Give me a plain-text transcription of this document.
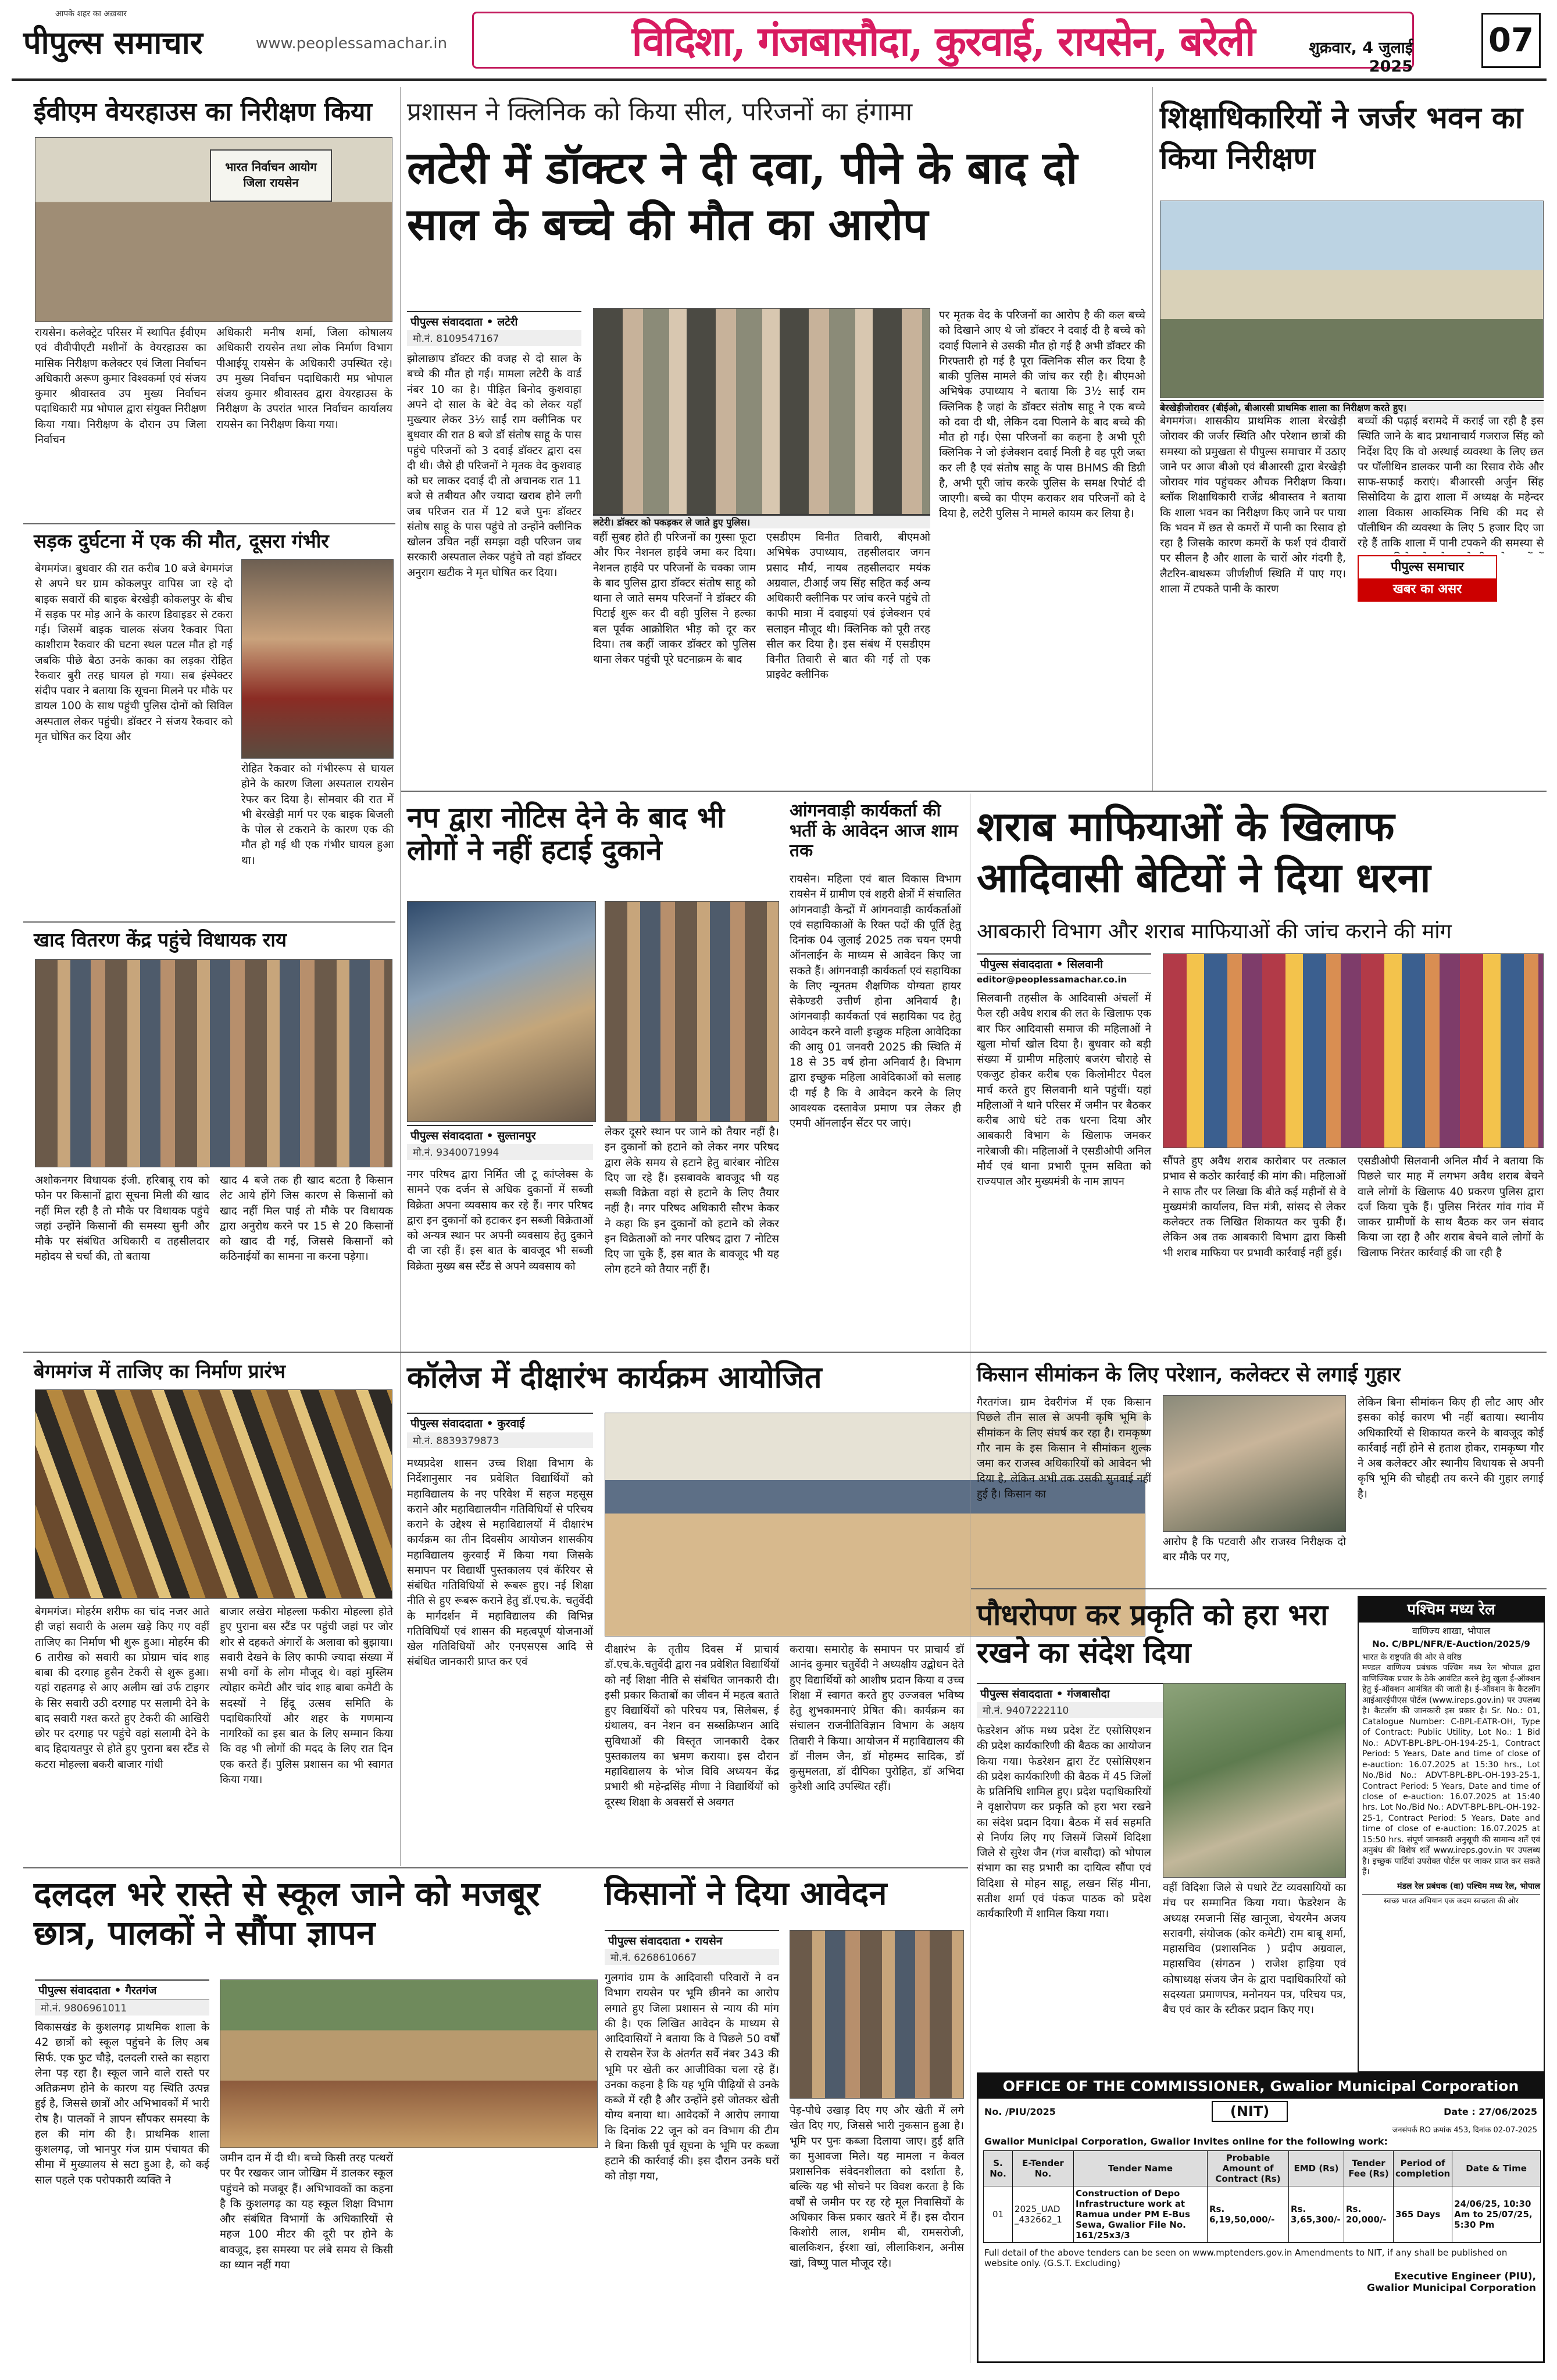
आपके शहर का अख़बार
पीपुल्स समाचार	www.peoplessamachar.in	विदिशा, गंजबासौदा, कुरवाई, रायसेन, बरेली	शुक्रवार, 4 जुलाई 2025
07
ईवीएम वेयरहाउस का निरीक्षण किया
भारत निर्वाचन आयोग
जिला रायसेन
रायसेन। कलेक्ट्रेट परिसर में स्थापित ईवीएम एवं वीवीपीएटी मशीनों के वेयरहाउस का मासिक निरीक्षण कलेक्टर एवं जिला निर्वाचन अधिकारी अरूण कुमार विश्वकर्मा एवं संजय कुमार श्रीवास्तव उप मुख्य निर्वाचन पदाधिकारी मप्र भोपाल द्वारा संयुक्त निरीक्षण किया गया। निरीक्षण के दौरान उप जिला निर्वाचन
अधिकारी मनीष शर्मा, जिला कोषालय अधिकारी रायसेन तथा लोक निर्माण विभाग पीआईयू रायसेन के अधिकारी उपस्थित रहे। उप मुख्य निर्वाचन पदाधिकारी मप्र भोपाल संजय कुमार श्रीवास्तव द्वारा वेयरहाउस के निरीक्षण के उपरांत भारत निर्वाचन कार्यालय रायसेन का निरीक्षण किया गया।
सड़क दुर्घटना में एक की मौत, दूसरा गंभीर
बेगमगंज। बुधवार की रात करीब 10 बजे बेगमगंज से अपने घर ग्राम कोकलपुर वापिस जा रहे दो बाइक सवारों की बाइक बेरखेड़ी कोकलपुर के बीच में सड़क पर मोड़ आने के कारण डिवाइडर से टकरा गई। जिसमें बाइक चालक संजय रैकवार पिता काशीराम रैकवार की घटना स्थल पटल मौत हो गई जबकि पीछे बैठा उनके काका का लड़का रोहित रैकवार बुरी तरह घायल हो गया। सब इंस्पेक्टर संदीप पवार ने बताया कि सूचना मिलने पर मौके पर डायल 100 के साथ पहुंची पुलिस दोनों को सिविल अस्पताल लेकर पहुंची। डॉक्टर ने संजय रैकवार को मृत घोषित कर दिया और
रोहित रैकवार को गंभीररूप से घायल होने के कारण जिला अस्पताल रायसेन रेफर कर दिया है। सोमवार की रात में भी बेरखेड़ी मार्ग पर एक बाइक बिजली के पोल से टकराने के कारण एक की मौत हो गई थी एक गंभीर घायल हुआ था।
खाद वितरण केंद्र पहुंचे विधायक राय
अशोकनगर विधायक इंजी. हरिबाबू राय को फोन पर किसानों द्वारा सूचना मिली की खाद नहीं मिल रही है तो मौके पर विधायक पहुंचे जहां उन्होंने किसानों की समस्या सुनी और मौके पर संबंधित अधिकारी व तहसीलदार महोदय से चर्चा की, तो बताया
खाद 4 बजे तक ही खाद बटता है किसान लेट आये होंगे जिस कारण से किसानों को खाद नहीं मिल पाई तो मौके पर विधायक द्वारा अनुरोध करने पर 15 से 20 किसानों को खाद दी गई, जिससे किसानों को कठिनाईयों का सामना ना करना पड़ेगा।
बेगमगंज में ताजिए का निर्माण प्रारंभ
बेगमगंज। मोहर्रम शरीफ का चांद नजर आते ही जहां सवारी के अलम खड़े किए गए वहीं ताजिए का निर्माण भी शुरू हुआ। मोहर्रम की 6 तारीख को सवारी का प्रोग्राम चांद शाह बाबा की दरगाह हुसैन टेकरी से शुरू हुआ। यहां राहतगढ़ से आए अलीम खां उर्फ टाइगर के सिर सवारी उठी दरगाह पर सलामी देने के बाद सवारी गश्त करते हुए टेकरी की आखिरी छोर पर दरगाह पर पहुंचे वहां सलामी देने के बाद हिदायतपुर से होते हुए पुराना बस स्टैंड से कटरा मोहल्ला बकरी बाजार गांधी
बाजार लखेरा मोहल्ला फकीरा मोहल्ला होते हुए पुराना बस स्टैंड पर पहुंची जहां पर जोर शोर से दहकते अंगारों के अलावा को बुझाया। सवारी देखने के लिए काफी ज्यादा संख्या में सभी वर्गों के लोग मौजूद थे। वहां मुस्लिम त्योहार कमेटी और चांद शाह बाबा कमेटी के सदस्यों ने हिंदू उत्सव समिति के पदाधिकारियों और शहर के गणमान्य नागरिकों का इस बात के लिए सम्मान किया कि वह भी लोगों की मदद के लिए रात दिन एक करते हैं। पुलिस प्रशासन का भी स्वागत किया गया।
दलदल भरे रास्ते से स्कूल जाने को मजबूर छात्र, पालकों ने सौंपा ज्ञापन
पीपुल्स संवाददाता • गैरतगंज
मो.नं. 9806961011
विकासखंड के कुशलगढ़ प्राथमिक शाला के 42 छात्रों को स्कूल पहुंचने के लिए अब सिर्फ. एक फुट चौड़े, दलदली रास्ते का सहारा लेना पड़ रहा है। स्कूल जाने वाले रास्ते पर अतिक्रमण होने के कारण यह स्थिति उत्पन्न हुई है, जिससे छात्रों और अभिभावकों में भारी रोष है। पालकों ने ज्ञापन सौंपकर समस्या के हल की मांग की है। प्राथमिक शाला कुशलगढ़, जो भानपुर गंज ग्राम पंचायत की सीमा में मुख्यालय से सटा हुआ है, को कई साल पहले एक परोपकारी व्यक्ति ने
जमीन दान में दी थी। बच्चे किसी तरह पत्थरों पर पैर रखकर जान जोखिम में डालकर स्कूल पहुंचने को मजबूर हैं। अभिभावकों का कहना है कि कुशलगढ़ का यह स्कूल शिक्षा विभाग और संबंधित विभागों के अधिकारियों से महज 100 मीटर की दूरी पर होने के बावजूद, इस समस्या पर लंबे समय से किसी का ध्यान नहीं गया
प्रशासन ने क्लिनिक को किया सील, परिजनों का हंगामा
लटेरी में डॉक्टर ने दी दवा, पीने के बाद दो साल के बच्चे की मौत का आरोप
पीपुल्स संवाददाता • लटेरी
मो.नं. 8109547167
लटेरी। डॉक्टर को पकड़कर ले जाते हुए पुलिस।
झोलाछाप डॉक्टर की वजह से दो साल के बच्चे की मौत हो गई। मामला लटेरी के वार्ड नंबर 10 का है। पीड़ित बिनोद कुशवाहा अपने दो साल के बेटे वेद को लेकर यहाँ मुख्त्यार लेकर 3½ साईं राम क्लीनिक पर बुधवार की रात 8 बजे डॉ संतोष साहू के पास पहुंचे परिजनों को 3 दवाई डॉक्टर द्वारा दस दी थी। जैसे ही परिजनों ने मृतक वेद कुशवाह को घर लाकर दवाई दी तो अचानक रात 11 बजे से तबीयत और ज्यादा खराब होने लगी जब परिजन रात में 12 बजे पुनः डॉक्टर संतोष साहू के पास पहुंचे तो उन्होंने क्लीनिक खोलन उचित नहीं समझा वही परिजन जब सरकारी अस्पताल लेकर पहुंचे तो वहां डॉक्टर अनुराग खटीक ने मृत घोषित कर दिया।
वहीं सुबह होते ही परिजनों का गुस्सा फूटा और फिर नेशनल हाईवे जमा कर दिया। नेशनल हाईवे पर परिजनों के चक्का जाम के बाद पुलिस द्वारा डॉक्टर संतोष साहू को थाना ले जाते समय परिजनों ने डॉक्टर की पिटाई शुरू कर दी वही पुलिस ने हल्का बल पूर्वक आक्रोशित भीड़ को दूर कर दिया। तब कहीं जाकर डॉक्टर को पुलिस थाना लेकर पहुंची पूरे घटनाक्रम के बाद
एसडीएम विनीत तिवारी, बीएमओ अभिषेक उपाध्याय, तहसीलदार जगन प्रसाद मौर्य, नायब तहसीलदार मयंक अग्रवाल, टीआई जय सिंह सहित कई अन्य अधिकारी क्लीनिक पर जांच करने पहुंचे तो काफी मात्रा में दवाइयां एवं इंजेक्शन एवं सलाइन मौजूद थी। क्लिनिक को पूरी तरह सील कर दिया है। इस संबंध में एसडीएम विनीत तिवारी से बात की गई तो एक प्राइवेट क्लीनिक
पर मृतक वेद के परिजनों का आरोप है की कल बच्चे को दिखाने आए थे जो डॉक्टर ने दवाई दी है बच्चे को दवाई पिलाने से उसकी मौत हो गई है अभी डॉक्टर की गिरफ्तारी हो गई है पूरा क्लिनिक सील कर दिया है बाकी पुलिस मामले की जांच कर रही है। बीएमओ अभिषेक उपाध्याय ने बताया कि 3½ साईं राम क्लिनिक है जहां के डॉक्टर संतोष साहू ने एक बच्चे को दवा दी थी, लेकिन दवा पिलाने के बाद बच्चे की मौत हो गई। ऐसा परिजनों का कहना है अभी पूरी क्लिनिक ने जो इंजेक्शन दवाई मिली है वह पूरी जब्त कर ली है एवं संतोष साहू के पास BHMS की डिग्री है, अभी पूरी जांच करके पुलिस के समक्ष रिपोर्ट दी जाएगी। बच्चे का पीएम कराकर शव परिजनों को दे दिया है, लटेरी पुलिस ने मामले कायम कर लिया है।
नप द्वारा नोटिस देने के बाद भी लोगों ने नहीं हटाई दुकाने
पीपुल्स संवाददाता • सुल्तानपुर
मो.नं. 9340071994
नगर परिषद द्वारा निर्मित जी टू कांप्लेक्स के सामने एक दर्जन से अधिक दुकानों में सब्जी विक्रेता अपना व्यवसाय कर रहे हैं। नगर परिषद द्वारा इन दुकानों को हटाकर इन सब्जी विक्रेताओं को अन्यत्र स्थान पर अपनी व्यवसाय हेतु दुकाने दी जा रही हैं। इस बात के बावजूद भी सब्जी विक्रेता मुख्य बस स्टैंड से अपने व्यवसाय को
लेकर दूसरे स्थान पर जाने को तैयार नहीं है। इन दुकानों को हटाने को लेकर नगर परिषद द्वारा लेके समय से हटाने हेतु बारंबार नोटिस दिए जा रहे हैं। इसबावके बावजूद भी यह सब्जी विक्रेता वहां से हटाने के लिए तैयार नहीं है। नगर परिषद अधिकारी सौरभ केकर ने कहा कि इन दुकानों को हटाने को लेकर इन विक्रेताओं को नगर परिषद द्वारा 7 नोटिस दिए जा चुके हैं, इस बात के बावजूद भी यह लोग हटने को तैयार नहीं हैं।
आंगनवाड़ी कार्यकर्ता की भर्ती के आवेदन आज शाम तक
रायसेन। महिला एवं बाल विकास विभाग रायसेन में ग्रामीण एवं शहरी क्षेत्रों में संचालित आंगनवाड़ी केन्द्रों में आंगनवाड़ी कार्यकर्ताओं एवं सहायिकाओं के रिक्त पदों की पूर्ति हेतु दिनांक 04 जुलाई 2025 तक चयन एमपी ऑनलाईन के माध्यम से आवेदन किए जा सकते हैं। आंगनवाड़ी कार्यकर्ता एवं सहायिका के लिए न्यूनतम शैक्षणिक योग्यता हायर सेकेण्डरी उत्तीर्ण होना अनिवार्य है। आंगनवाड़ी कार्यकर्ता एवं सहायिका पद हेतु आवेदन करने वाली इच्छुक महिला आवेदिका की आयु 01 जनवरी 2025 की स्थिति में 18 से 35 वर्ष होना अनिवार्य है। विभाग द्वारा इच्छुक महिला आवेदिकाओं को सलाह दी गई है कि वे आवेदन करने के लिए आवश्यक दस्तावेज प्रमाण पत्र लेकर ही एमपी ऑनलाईन सेंटर पर जाएं।
कॉलेज में दीक्षारंभ कार्यक्रम आयोजित
पीपुल्स संवाददाता • कुरवाई
मो.नं. 8839379873
मध्यप्रदेश शासन उच्च शिक्षा विभाग के निर्देशानुसार नव प्रवेशित विद्यार्थियों को महाविद्यालय के नए परिवेश में सहज महसूस कराने और महाविद्यालयीन गतिविधियों से परिचय कराने के उद्देश्य से महाविद्यालयों में दीक्षारंभ कार्यक्रम का तीन दिवसीय आयोजन शासकीय महाविद्यालय कुरवाई में किया गया जिसके समापन पर विद्यार्थी पुस्तकालय एवं कॅरियर से संबंधित गतिविधियों से रूबरू हुए। नई शिक्षा नीति से हुए रूबरू कराने हेतु डॉ.एच.के. चतुर्वेदी के मार्गदर्शन में महाविद्यालय की विभिन्न गतिविधियों एवं शासन की महत्वपूर्ण योजनाओं खेल गतिविधियों और एनएसएस आदि से संबंधित जानकारी प्राप्त कर एवं
दीक्षारंभ के तृतीय दिवस में प्राचार्य डॉ.एच.के.चतुर्वेदी द्वारा नव प्रवेशित विद्यार्थियों को नई शिक्षा नीति से संबंधित जानकारी दी। इसी प्रकार किताबों का जीवन में महत्व बताते हुए विद्यार्थियों को परिचय पत्र, सिलेबस, ई ग्रंथालय, वन नेशन वन सब्सक्रिप्शन आदि सुविधाओं की विस्तृत जानकारी देकर पुस्तकालय का भ्रमण कराया। इस दौरान महाविद्यालय के भोज विवि अध्ययन केंद्र प्रभारी श्री महेन्द्रसिंह मीणा ने विद्यार्थियों को दूरस्थ शिक्षा के अवसरों से अवगत
कराया। समारोह के समापन पर प्राचार्य डॉ आनंद कुमार चतुर्वेदी ने अध्यक्षीय उद्बोधन देते हुए विद्यार्थियों को आशीष प्रदान किया व उच्च शिक्षा में स्वागत करते हुए उज्जवल भविष्य हेतु शुभकामनाएं प्रेषित की। कार्यक्रम का संचालन राजनीतिविज्ञान विभाग के अक्षय तिवारी ने किया। आयोजन में महाविद्यालय की डॉ नीलम जैन, डॉ मोहम्मद सादिक, डॉ कुसुमलता, डॉ दीपिका पुरोहित, डॉ अभिदा कुरैशी आदि उपस्थित रहीं।
किसानों ने दिया आवेदन
पीपुल्स संवाददाता • रायसेन
मो.नं. 6268610667
गुलगांव ग्राम के आदिवासी परिवारों ने वन विभाग रायसेन पर भूमि छीनने का आरोप लगाते हुए जिला प्रशासन से न्याय की मांग की है। एक लिखित आवेदन के माध्यम से आदिवासियों ने बताया कि वे पिछले 50 वर्षों से रायसेन रेंज के अंतर्गत सर्वे नंबर 343 की भूमि पर खेती कर आजीविका चला रहे हैं। उनका कहना है कि यह भूमि पीढ़ियों से उनके कब्जे में रही है और उन्होंने इसे जोतकर खेती योग्य बनाया था। आवेदकों ने आरोप लगाया कि दिनांक 22 जून को वन विभाग की टीम ने बिना किसी पूर्व सूचना के भूमि पर कब्जा हटाने की कार्रवाई की। इस दौरान उनके घरों को तोड़ा गया,
पेड़-पौधे उखाड़ दिए गए और खेती में लगे खेत दिए गए, जिससे भारी नुकसान हुआ है। भूमि पर पुनः कब्जा दिलाया जाए। हुई क्षति का मुआवजा मिले। यह मामला न केवल प्रशासनिक संवेदनशीलता को दर्शाता है, बल्कि यह भी सोचने पर विवश करता है कि वर्षों से जमीन पर रह रहे मूल निवासियों के अधिकार किस प्रकार खतरे में हैं। इस दौरान किशोरी लाल, शमीम बी, रामसरोजी, बालकिशन, ईरशा खां, लीलाकिशन, अनीस खां, विष्णु पाल मौजूद रहे।
शिक्षाधिकारियों ने जर्जर भवन का किया निरीक्षण
बेरखेड़ीजोरावर (बीईओ, बीआरसी प्राथमिक शाला का निरीक्षण करते हुए।
बेगमगंज। शासकीय प्राथमिक शाला बेरखेड़ी जोरावर की जर्जर स्थिति और परेशान छात्रों की समस्या को प्रमुखता से पीपुल्स समाचार में उठाए जाने पर आज बीओ एवं बीआरसी द्वारा बेरखेड़ी जोरावर गांव पहुंचकर औचक निरीक्षण किया। ब्लॉक शिक्षाधिकारी राजेंद्र श्रीवास्तव ने बताया कि शाला भवन का निरीक्षण किए जाने पर पाया कि भवन में छत से कमरों में पानी का रिसाव हो रहा है जिसके कारण कमरों के फर्श एवं दीवारों पर सीलन है और शाला के चारों ओर गंदगी है, लैटरिन-बाथरूम जीर्णशीर्ण स्थिति में पाए गए। शाला में टपकते पानी के कारण
पीपुल्स समाचार
खबर का असर
बच्चों की पढ़ाई बरामदे में कराई जा रही है इस स्थिति जाने के बाद प्रधानाचार्य गजराज सिंह को निर्देश दिए कि वो अस्थाई व्यवस्था के लिए छत पर पॉलीथिन डालकर पानी का रिसाव रोके और साफ-सफाई कराएं। बीआरसी अर्जुन सिंह सिसोदिया के द्वारा शाला में अध्यक्ष के महेन्दर शाला विकास आकस्मिक निधि की मद से पॉलीथिन की व्यवस्था के लिए 5 हजार दिए जा रहे हैं ताकि शाला में पानी टपकने की समस्या से
शराब माफियाओं के खिलाफ आदिवासी बेटियों ने दिया धरना
आबकारी विभाग और शराब माफियाओं की जांच कराने की मांग
पीपुल्स संवाददाता • सिलवानी
editor@peoplessamachar.co.in
सिलवानी तहसील के आदिवासी अंचलों में फैल रही अवैध शराब की लत के खिलाफ एक बार फिर आदिवासी समाज की महिलाओं ने खुला मोर्चा खोल दिया है। बुधवार को बड़ी संख्या में ग्रामीण महिलाएं बजरंग चौराहे से एकजुट होकर करीब एक किलोमीटर पैदल मार्च करते हुए सिलवानी थाने पहुंचीं। यहां महिलाओं ने थाने परिसर में जमीन पर बैठकर करीब आधे घंटे तक धरना दिया और आबकारी विभाग के खिलाफ जमकर नारेबाजी की। महिलाओं ने एसडीओपी अनिल मौर्य एवं थाना प्रभारी पूनम सविता को राज्यपाल और मुख्यमंत्री के नाम ज्ञापन
सौंपते हुए अवैध शराब कारोबार पर तत्काल प्रभाव से कठोर कार्रवाई की मांग की। महिलाओं ने साफ तौर पर लिखा कि बीते कई महीनों से वे मुख्यमंत्री कार्यालय, वित्त मंत्री, सांसद से लेकर कलेक्टर तक लिखित शिकायत कर चुकी हैं। लेकिन अब तक आबकारी विभाग द्वारा किसी भी शराब माफिया पर प्रभावी कार्रवाई नहीं हुई।
एसडीओपी सिलवानी अनिल मौर्य ने बताया कि पिछले चार माह में लगभग अवैध शराब बेचने वाले लोगों के खिलाफ 40 प्रकरण पुलिस द्वारा दर्ज किया चुके हैं। पुलिस निरंतर गांव गांव में जाकर ग्रामीणों के साथ बैठक कर जन संवाद किया जा रहा है और शराब बेचने वाले लोगों के खिलाफ निरंतर कार्रवाई की जा रही है
किसान सीमांकन के लिए परेशान, कलेक्टर से लगाई गुहार
गैरतगंज। ग्राम देवरीगंज में एक किसान पिछले तीन साल से अपनी कृषि भूमि के सीमांकन के लिए संघर्ष कर रहा है। रामकृष्ण गौर नाम के इस किसान ने सीमांकन शुल्क जमा कर राजस्व अधिकारियों को आवेदन भी दिया है, लेकिन अभी तक उसकी सुनवाई नहीं हुई है। किसान का
आरोप है कि पटवारी और राजस्व निरीक्षक दो बार मौके पर गए,
लेकिन बिना सीमांकन किए ही लौट आए और इसका कोई कारण भी नहीं बताया। स्थानीय अधिकारियों से शिकायत करने के बावजूद कोई कार्रवाई नहीं होने से हताश होकर, रामकृष्ण गौर ने अब कलेक्टर और स्थानीय विधायक से अपनी कृषि भूमि की चौहद्दी तय करने की गुहार लगाई है।
पौधरोपण कर प्रकृति को हरा भरा रखने का संदेश दिया
पीपुल्स संवाददाता • गंजबासौदा
मो.नं. 9407222110
फेडरेशन ऑफ मध्य प्रदेश टेंट एसोसिएशन की प्रदेश कार्यकारिणी की बैठक का आयोजन किया गया। फेडरेशन द्वारा टेंट एसोसिएशन की प्रदेश कार्यकारिणी की बैठक में 45 जिलों के प्रतिनिधि शामिल हुए। प्रदेश पदाधिकारियों ने वृक्षारोपण कर प्रकृति को हरा भरा रखने का संदेश प्रदान दिया। बैठक में सर्व सहमति से निर्णय लिए गए जिसमें जिसमें विदिशा जिले से सुरेश जैन (गंज बासौदा) को भोपाल संभाग का सह प्रभारी का दायित्व सौंपा एवं विदिशा से मोहन साहू, लखन सिंह मीना, सतीश शर्मा एवं पंकज पाठक को प्रदेश कार्यकारिणी में शामिल किया गया।
वहीं विदिशा जिले से पधारे टेंट व्यवसायियों का मंच पर सम्मानित किया गया। फेडरेशन के अध्यक्ष रमजानी सिंह खानूजा, चेयरमैन अजय सरावगी, संयोजक (कोर कमेटी) राम बाबू शर्मा, महासचिव (प्रशासनिक ) प्रदीप अग्रवाल, महासचिव (संगठन ) राजेश हाड़िया एवं कोषाध्यक्ष संजय जैन के द्वारा पदाधिकारियों को सदस्यता प्रमाणपत्र, मनोनयन पत्र, परिचय पत्र, बैच एवं कार के स्टीकर प्रदान किए गए।
पश्चिम मध्य रेल
वाणिज्य शाखा, भोपाल
No. C/BPL/NFR/E-Auction/2025/9
भारत के राष्ट्रपति की ओर से वरिष्ठ
मण्डल वाणिज्य प्रबंधक पश्चिम मध्य रेल भोपाल द्वारा वाणिज्यिक प्रचार के ठेके आवंटित करने हेतु खुला ई-ऑक्शन हेतु ई-ऑक्शन आमंत्रित की जाती है। ई-ऑक्शन के कैटलॉग आईआरईपीएस पोर्टल (www.ireps.gov.in) पर उपलब्ध है। कैटलॉग की जानकारी इस प्रकार है। Sr. No.: 01, Catalogue Number: C-BPL-EATR-OH, Type of Contract: Public Utility, Lot No.: 1 Bid No.: ADVT-BPL-BPL-OH-194-25-1, Contract Period: 5 Years, Date and time of close of e-auction: 16.07.2025 at 15:30 hrs., Lot No./Bid No.: ADVT-BPL-BPL-OH-193-25-1, Contract Period: 5 Years, Date and time of close of e-auction: 16.07.2025 at 15:40 hrs. Lot No./Bid No.: ADVT-BPL-BPL-OH-192-25-1, Contract Period: 5 Years, Date and time of close of e-auction: 16.07.2025 at 15:50 hrs. संपूर्ण जानकारी अनुसूची की सामान्य शर्तें एवं अनुबंध की विशेष शर्तें www.ireps.gov.in पर उपलब्ध है। इच्छुक पार्टियां उपरोक्त पोर्टल पर जाकर प्राप्त कर सकते हैं।
मंडल रेल प्रबंधक (वा) पश्चिम मध्य रेल, भोपाल
स्वच्छ भारत अभियान एक कदम स्वच्छता की ओर
OFFICE OF THE COMMISSIONER, Gwalior Municipal Corporation
No. /PIU/2025	(NIT)	Date : 27/06/2025
जनसंपर्क RO क्रमांक 453, दिनांक 02-07-2025
Gwalior Municipal Corporation, Gwalior Invites online for the following work:
S. No.	E-Tender No.	Tender Name	Probable Amount of Contract (Rs)	EMD (Rs)	Tender Fee (Rs)	Period of completion	Date & Time
01	2025_UAD _432662_1	Construction of Depo Infrastructure work at Ramua under PM E-Bus Sewa, Gwalior File No. 161/25x3/3	Rs. 6,19,50,000/-	Rs. 3,65,300/-	Rs. 20,000/-	365 Days	24/06/25, 10:30 Am to 25/07/25, 5:30 Pm
Full detail of the above tenders can be seen on www.mptenders.gov.in Amendments to NIT, if any shall be published on website only. (G.S.T. Excluding)
Executive Engineer (PIU),
Gwalior Municipal Corporation
